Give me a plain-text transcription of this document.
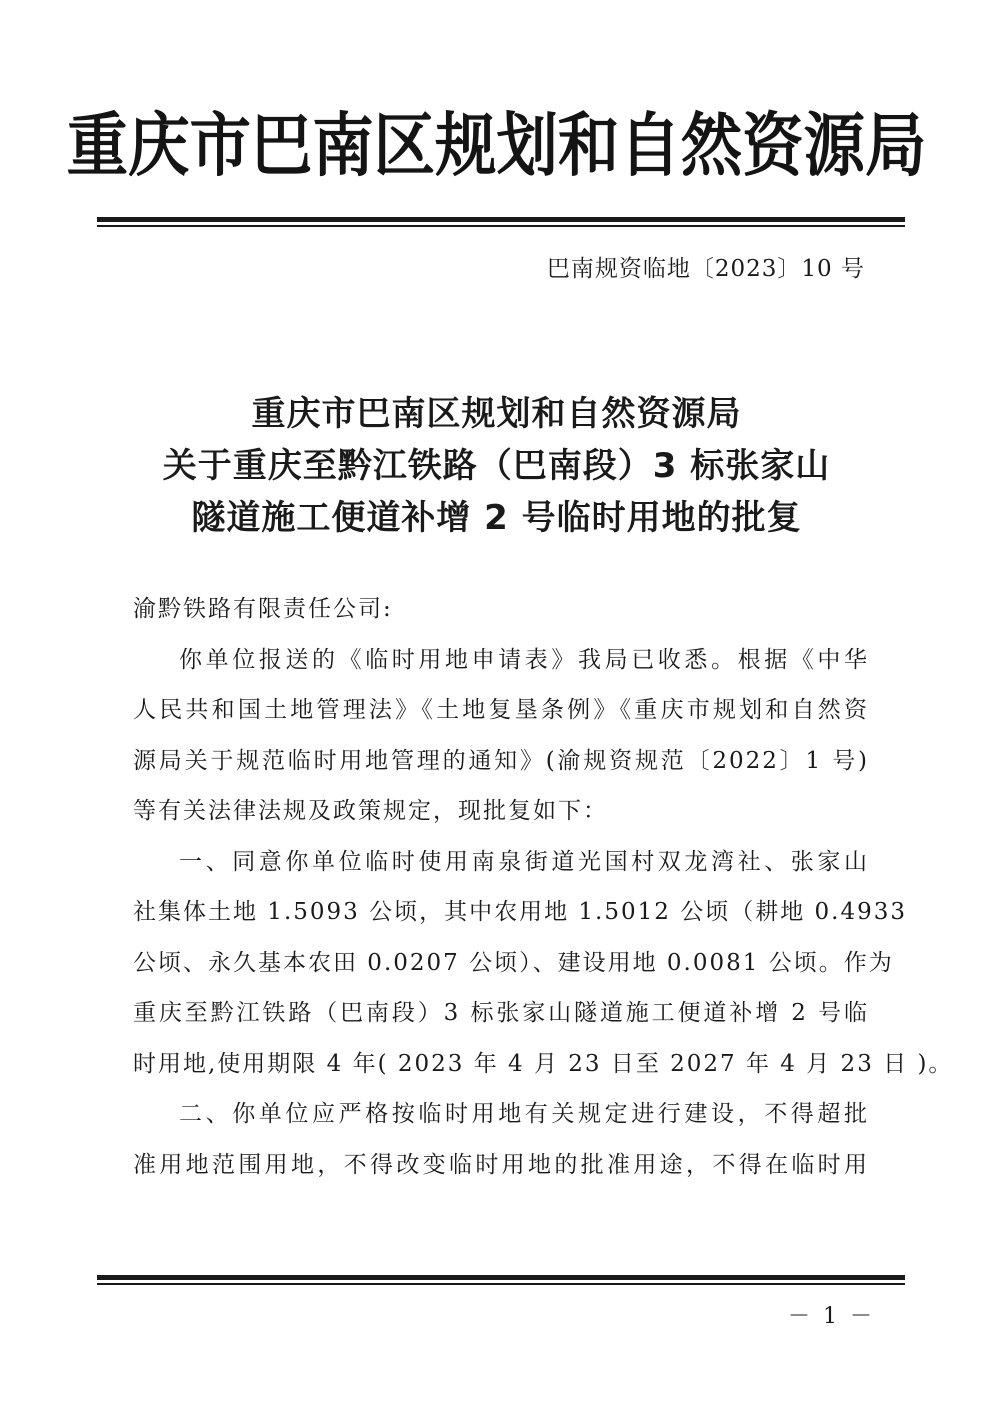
重庆市巴南区规划和自然资源局
巴南规资临地〔2023〕10 号
重庆市巴南区规划和自然资源局
关于重庆至黔江铁路（巴南段）3 标张家山
隧道施工便道补增 2 号临时用地的批复
渝黔铁路有限责任公司:
你单位报送的《临时用地申请表》我局已收悉。根据《中华
人民共和国土地管理法》《土地复垦条例》《重庆市规划和自然资
源局关于规范临时用地管理的通知》(渝规资规范〔2022〕1 号)
等有关法律法规及政策规定，现批复如下：
一、同意你单位临时使用南泉街道光国村双龙湾社、张家山
社集体土地 1.5093 公顷，其中农用地 1.5012 公顷（耕地 0.4933
公顷、永久基本农田 0.0207 公顷）、建设用地 0.0081 公顷。作为
重庆至黔江铁路（巴南段）3 标张家山隧道施工便道补增 2 号临
时用地,使用期限 4 年( 2023 年 4 月 23 日至 2027 年 4 月 23 日 )。
二、你单位应严格按临时用地有关规定进行建设，不得超批
准用地范围用地，不得改变临时用地的批准用途，不得在临时用
－ 1 －
